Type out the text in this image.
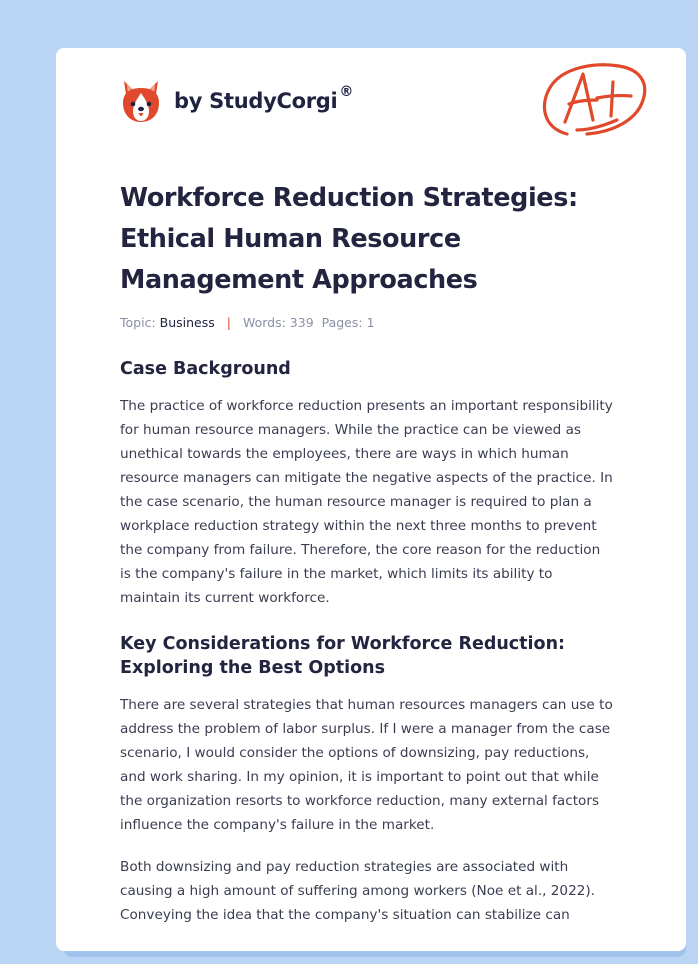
by StudyCorgi ®
Workforce Reduction Strategies:
Ethical Human Resource
Management Approaches
Topic: Business | Words: 339 Pages: 1
Case Background

The practice of workforce reduction presents an important responsibility
for human resource managers. While the practice can be viewed as
unethical towards the employees, there are ways in which human
resource managers can mitigate the negative aspects of the practice. In
the case scenario, the human resource manager is required to plan a
workplace reduction strategy within the next three months to prevent
the company from failure. Therefore, the core reason for the reduction
is the company's failure in the market, which limits its ability to
maintain its current workforce.

Key Considerations for Workforce Reduction:
Exploring the Best Options

There are several strategies that human resources managers can use to
address the problem of labor surplus. If I were a manager from the case
scenario, I would consider the options of downsizing, pay reductions,
and work sharing. In my opinion, it is important to point out that while
the organization resorts to workforce reduction, many external factors
influence the company's failure in the market.

Both downsizing and pay reduction strategies are associated with
causing a high amount of suffering among workers (Noe et al., 2022).
Conveying the idea that the company's situation can stabilize can
